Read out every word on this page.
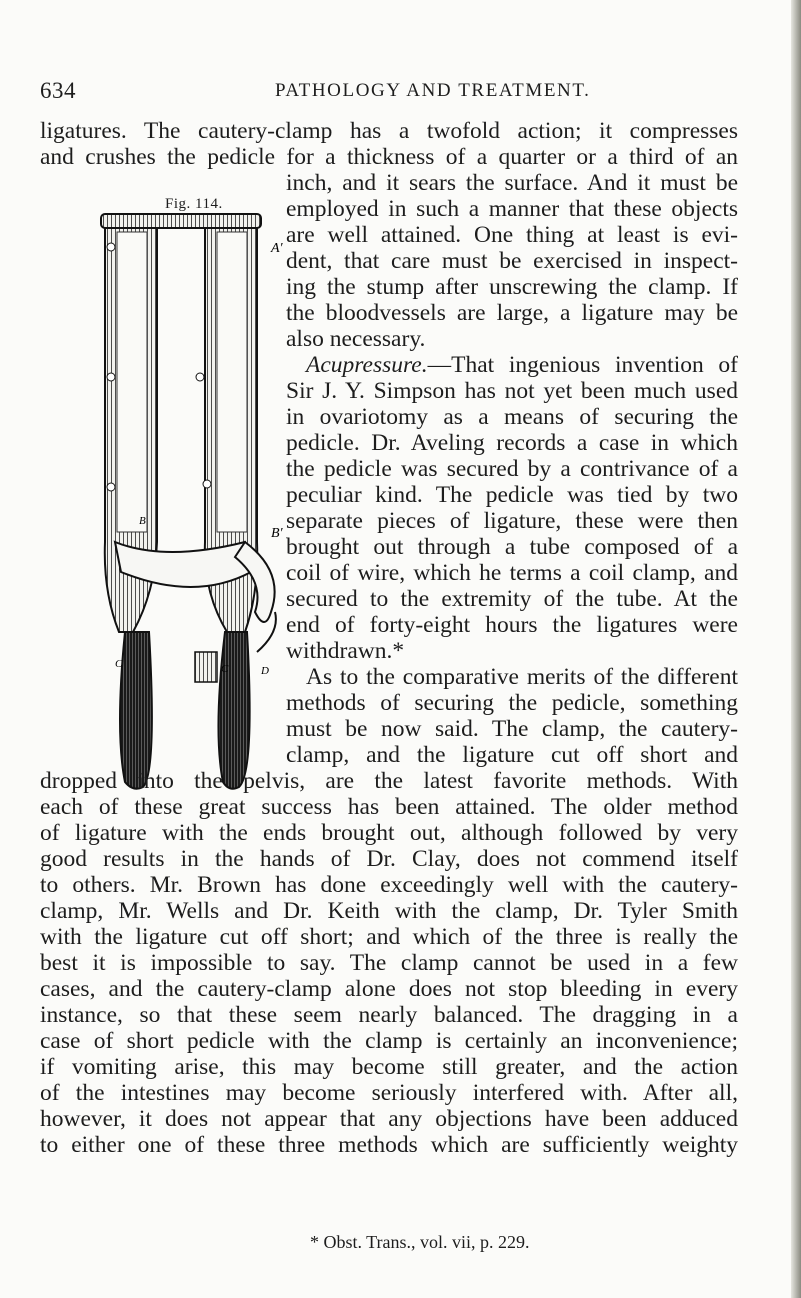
634	PATHOLOGY AND TREATMENT.
ligatures. The cautery-clamp has a twofold action; it compresses
and crushes the pedicle for a thickness of a quarter or a third of an
Fig. 114.
A′
B′
B
C	C	D
inch, and it sears the surface. And it must be
employed in such a manner that these objects
are well attained. One thing at least is evi-
dent, that care must be exercised in inspect-
ing the stump after unscrewing the clamp. If
the bloodvessels are large, a ligature may be
also necessary.
Acupressure.—That ingenious invention of
Sir J. Y. Simpson has not yet been much used
in ovariotomy as a means of securing the
pedicle. Dr. Aveling records a case in which
the pedicle was secured by a contrivance of a
peculiar kind. The pedicle was tied by two
separate pieces of ligature, these were then
brought out through a tube composed of a
coil of wire, which he terms a coil clamp, and
secured to the extremity of the tube. At the
end of forty-eight hours the ligatures were
withdrawn.*
As to the comparative merits of the different
methods of securing the pedicle, something
must be now said. The clamp, the cautery-
clamp, and the ligature cut off short and
dropped into the pelvis, are the latest favorite methods. With
each of these great success has been attained. The older method
of ligature with the ends brought out, although followed by very
good results in the hands of Dr. Clay, does not commend itself
to others. Mr. Brown has done exceedingly well with the cautery-
clamp, Mr. Wells and Dr. Keith with the clamp, Dr. Tyler Smith
with the ligature cut off short; and which of the three is really the
best it is impossible to say. The clamp cannot be used in a few
cases, and the cautery-clamp alone does not stop bleeding in every
instance, so that these seem nearly balanced. The dragging in a
case of short pedicle with the clamp is certainly an inconvenience;
if vomiting arise, this may become still greater, and the action
of the intestines may become seriously interfered with. After all,
however, it does not appear that any objections have been adduced
to either one of these three methods which are sufficiently weighty
* Obst. Trans., vol. vii, p. 229.
